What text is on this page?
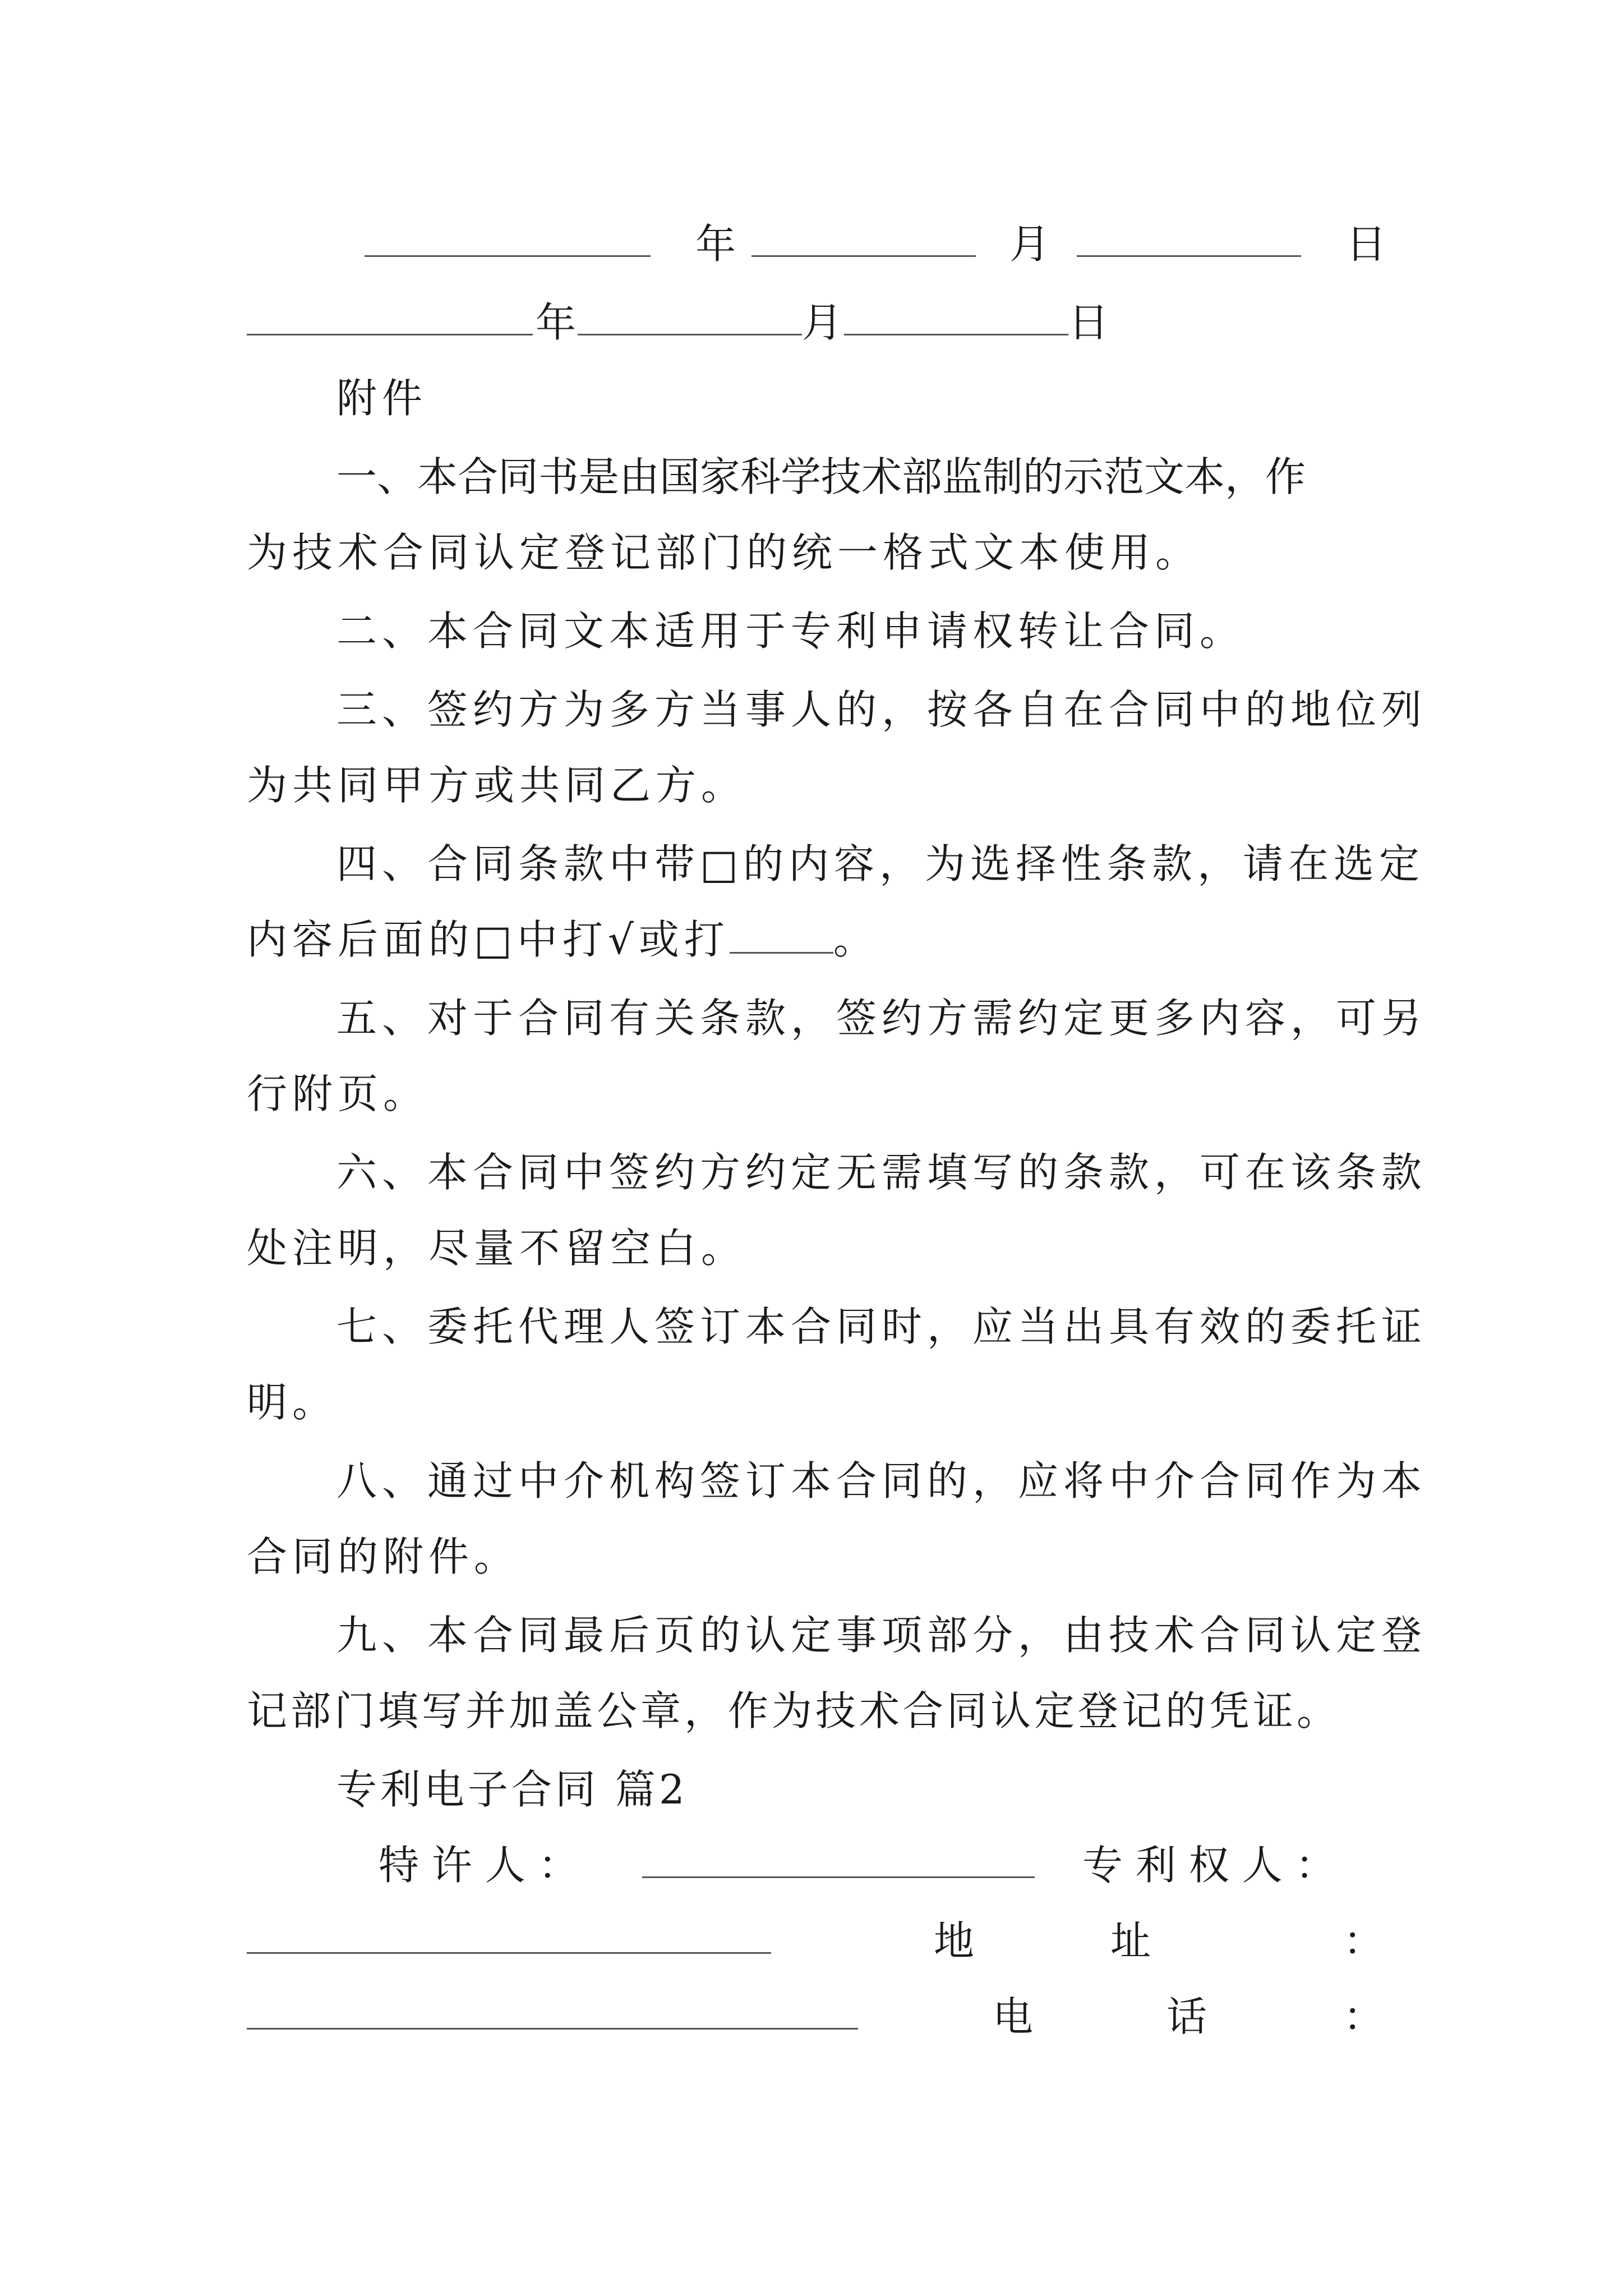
年	月	日
年	月	日
附件
一、本合同书是由国家科学技术部监制的示范文本，作
为技术合同认定登记部门的统一格式文本使用。
二、本合同文本适用于专利申请权转让合同。
三、签约方为多方当事人的，按各自在合同中的地位列
为共同甲方或共同乙方。
四、合同条款中带□的内容，为选择性条款，请在选定
内容后面的□中打√或打	。
五、对于合同有关条款，签约方需约定更多内容，可另
行附页。
六、本合同中签约方约定无需填写的条款，可在该条款
处注明，尽量不留空白。
七、委托代理人签订本合同时，应当出具有效的委托证
明。
八、通过中介机构签订本合同的，应将中介合同作为本
合同的附件。
九、本合同最后页的认定事项部分，由技术合同认定登
记部门填写并加盖公章，作为技术合同认定登记的凭证。
专利电子合同 篇2
特 许 人 ：	专 利 权 人 ：
地	址	：
电	话	：
